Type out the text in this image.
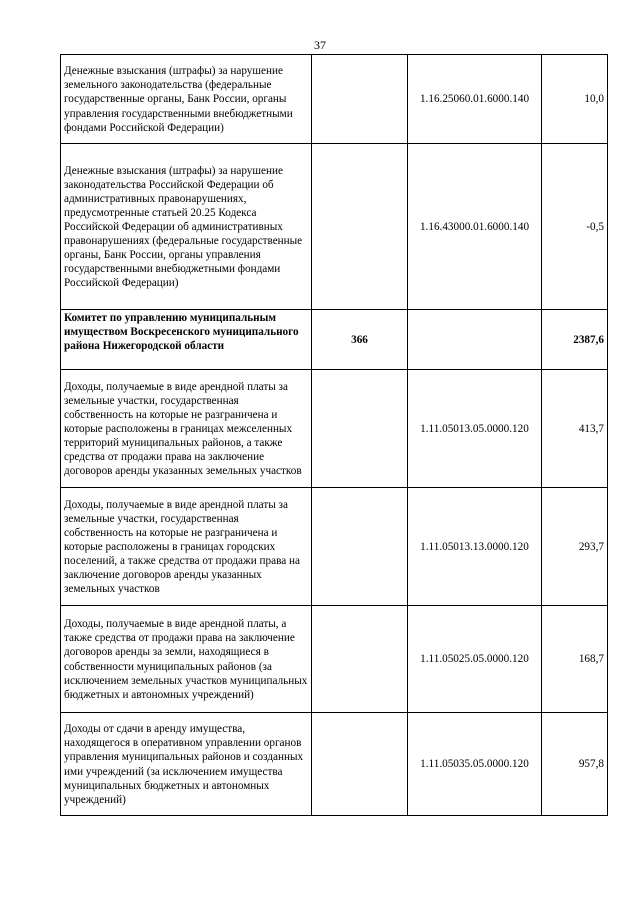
37
Денежные взыскания (штрафы) за нарушение земельного законодательства (федеральные государственные органы, Банк России, органы управления государственными внебюджетными фондами Российской Федерации)		1.16.25060.01.6000.140	10,0
Денежные взыскания (штрафы) за нарушение законодательства Российской Федерации об административных правонарушениях, предусмотренные статьей 20.25 Кодекса Российской Федерации об административных правонарушениях (федеральные государственные органы, Банк России, органы управления государственными внебюджетными фондами Российской Федерации)		1.16.43000.01.6000.140	-0,5
Комитет по управлению муниципальным имуществом Воскресенского муниципального района Нижегородской области	366		2387,6
Доходы, получаемые в виде арендной платы за земельные участки, государственная собственность на которые не разграничена и которые расположены в границах межселенных территорий муниципальных районов, а также средства от продажи права на заключение договоров аренды указанных земельных участков		1.11.05013.05.0000.120	413,7
Доходы, получаемые в виде арендной платы за земельные участки, государственная собственность на которые не разграничена и которые расположены в границах городских поселений, а также средства от продажи права на заключение договоров аренды указанных земельных участков		1.11.05013.13.0000.120	293,7
Доходы, получаемые в виде арендной платы, а также средства от продажи права на заключение договоров аренды за земли, находящиеся в собственности муниципальных районов (за исключением земельных участков муниципальных бюджетных и автономных учреждений)		1.11.05025.05.0000.120	168,7
Доходы от сдачи в аренду имущества, находящегося в оперативном управлении органов управления муниципальных районов и созданных ими учреждений (за исключением имущества муниципальных бюджетных и автономных учреждений)		1.11.05035.05.0000.120	957,8
